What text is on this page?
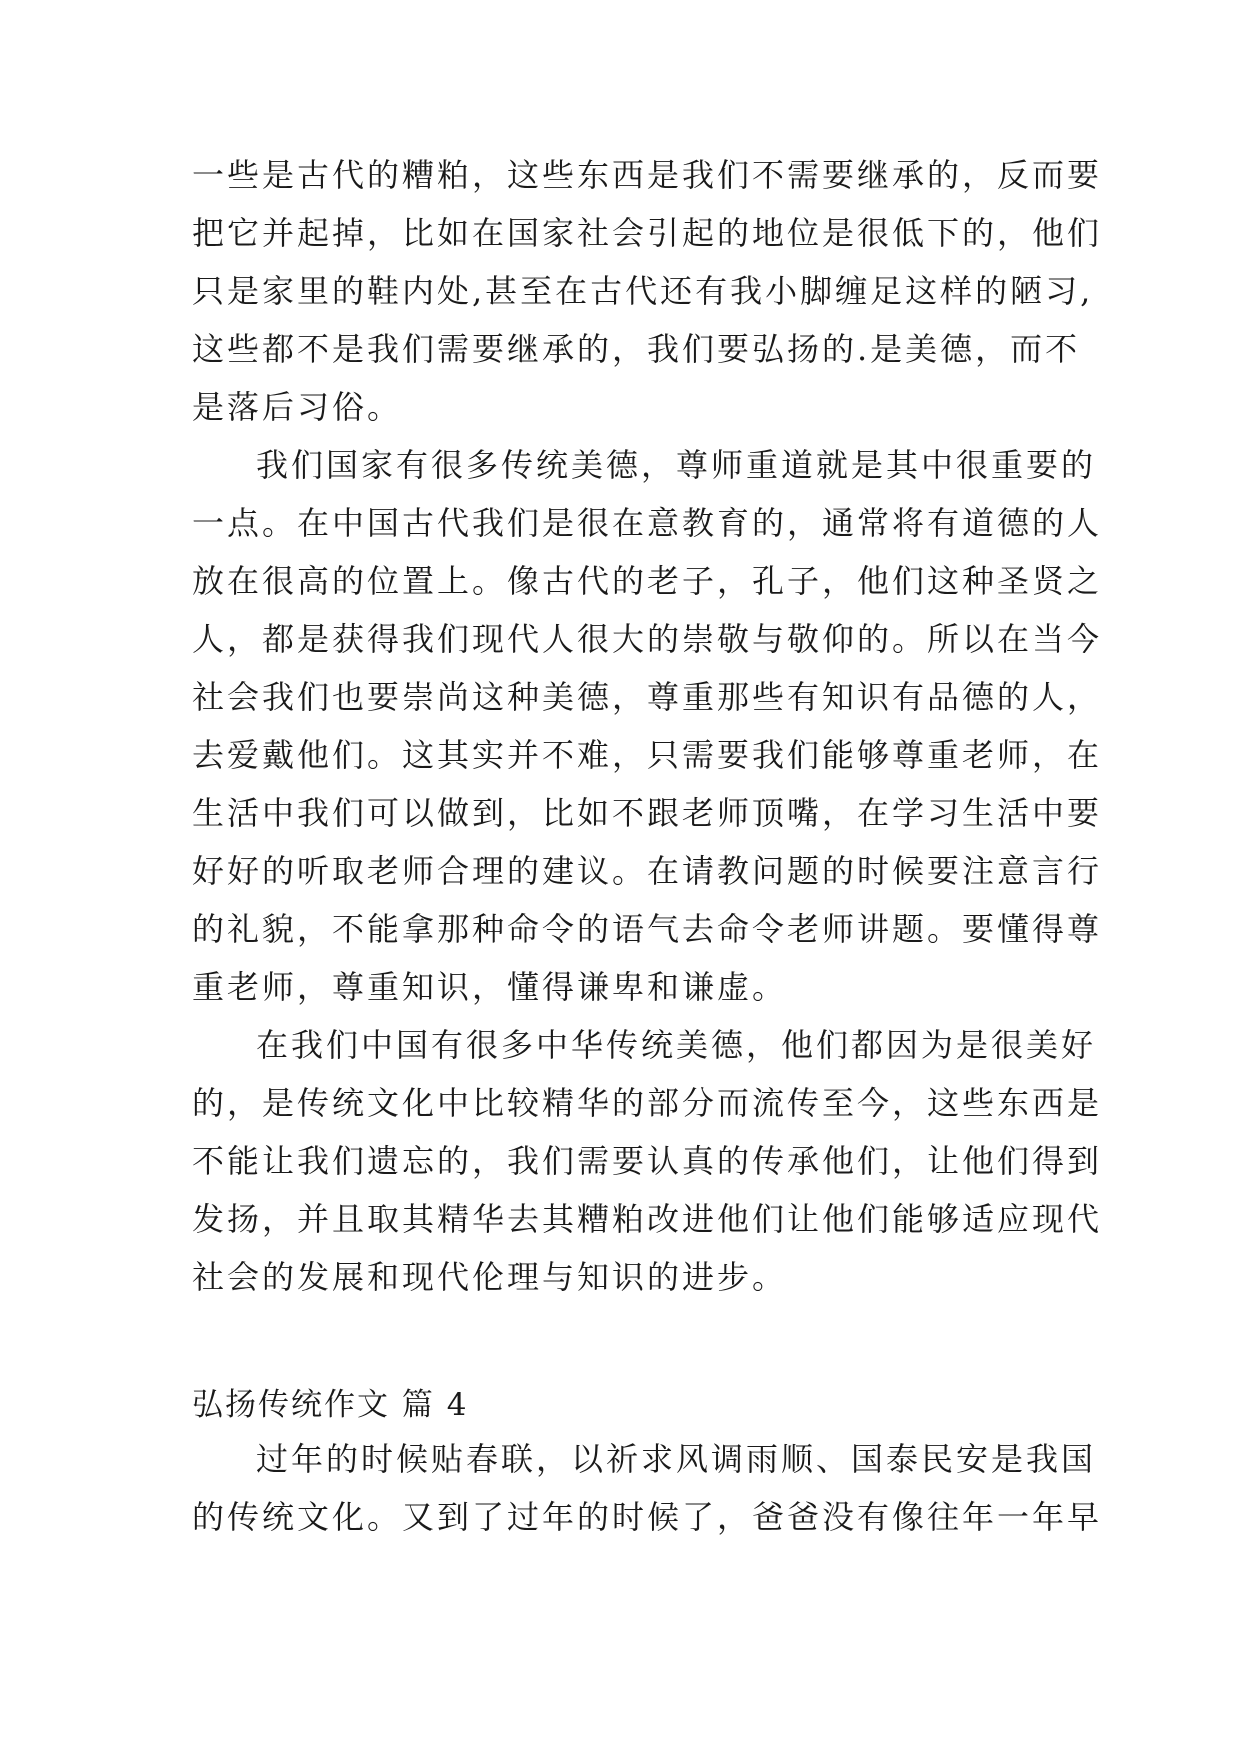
一些是古代的糟粕，这些东西是我们不需要继承的，反而要
把它并起掉，比如在国家社会引起的地位是很低下的，他们
只是家里的鞋内处,甚至在古代还有我小脚缠足这样的陋习,
这些都不是我们需要继承的，我们要弘扬的.是美德，而不
是落后习俗。
我们国家有很多传统美德，尊师重道就是其中很重要的
一点。在中国古代我们是很在意教育的，通常将有道德的人
放在很高的位置上。像古代的老子，孔子，他们这种圣贤之
人，都是获得我们现代人很大的崇敬与敬仰的。所以在当今
社会我们也要崇尚这种美德，尊重那些有知识有品德的人，
去爱戴他们。这其实并不难，只需要我们能够尊重老师，在
生活中我们可以做到，比如不跟老师顶嘴，在学习生活中要
好好的听取老师合理的建议。在请教问题的时候要注意言行
的礼貌，不能拿那种命令的语气去命令老师讲题。要懂得尊
重老师，尊重知识，懂得谦卑和谦虚。
在我们中国有很多中华传统美德，他们都因为是很美好
的，是传统文化中比较精华的部分而流传至今，这些东西是
不能让我们遗忘的，我们需要认真的传承他们，让他们得到
发扬，并且取其精华去其糟粕改进他们让他们能够适应现代
社会的发展和现代伦理与知识的进步。
弘扬传统作文 篇 4
过年的时候贴春联，以祈求风调雨顺、国泰民安是我国
的传统文化。又到了过年的时候了，爸爸没有像往年一年早
